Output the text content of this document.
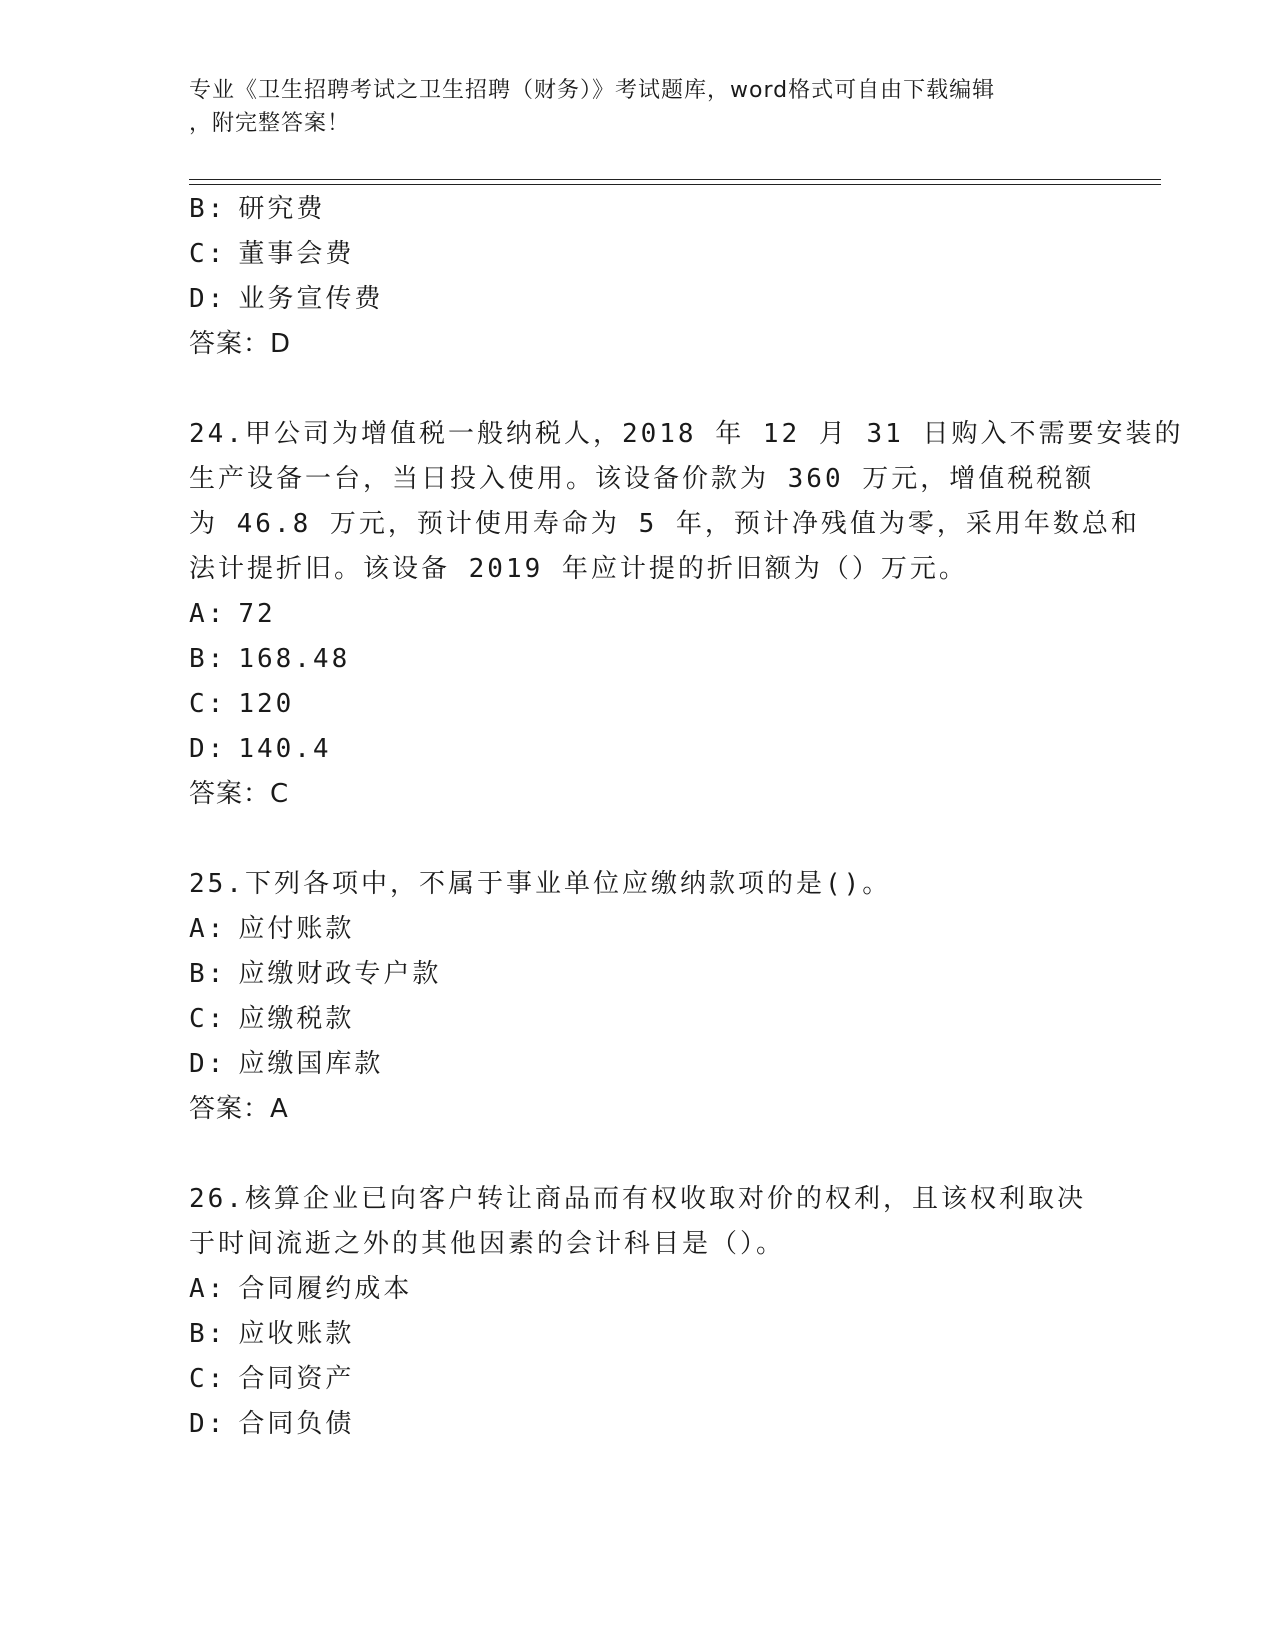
专业《卫生招聘考试之卫生招聘（财务）》考试题库，word格式可自由下载编辑
，附完整答案！
B: 研究费
C: 董事会费
D: 业务宣传费
答案：D
24.甲公司为增值税一般纳税人，2018 年 12 月 31 日购入不需要安装的
生产设备一台，当日投入使用。该设备价款为 360 万元，增值税税额
为 46.8 万元，预计使用寿命为 5 年，预计净残值为零，采用年数总和
法计提折旧。该设备 2019 年应计提的折旧额为（）万元。
A: 72
B: 168.48
C: 120
D: 140.4
答案：C
25.下列各项中，不属于事业单位应缴纳款项的是()。
A: 应付账款
B: 应缴财政专户款
C: 应缴税款
D: 应缴国库款
答案：A
26.核算企业已向客户转让商品而有权收取对价的权利，且该权利取决
于时间流逝之外的其他因素的会计科目是（）。
A: 合同履约成本
B: 应收账款
C: 合同资产
D: 合同负债
